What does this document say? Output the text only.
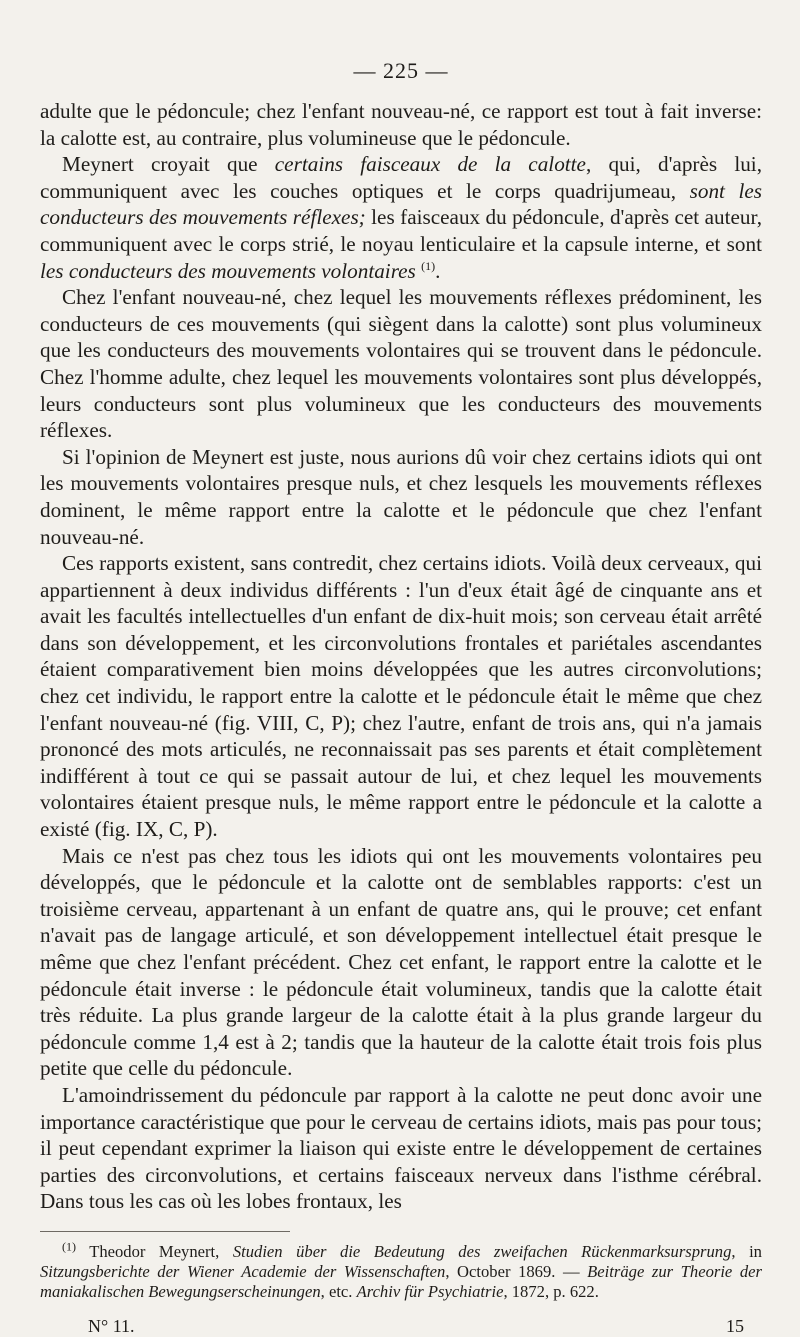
— 225 —

adulte que le pédoncule; chez l'enfant nouveau-né, ce rapport est tout à fait inverse: la calotte est, au contraire, plus volumineuse que le pédoncule.

Meynert croyait que certains faisceaux de la calotte, qui, d'après lui, communiquent avec les couches optiques et le corps quadrijumeau, sont les conducteurs des mouvements réflexes; les faisceaux du pédoncule, d'après cet auteur, communiquent avec le corps strié, le noyau lenticulaire et la capsule interne, et sont les conducteurs des mouvements volontaires $^{(1)}$.

Chez l'enfant nouveau-né, chez lequel les mouvements réflexes prédominent, les conducteurs de ces mouvements (qui siègent dans la calotte) sont plus volumineux que les conducteurs des mouvements volontaires qui se trouvent dans le pédoncule. Chez l'homme adulte, chez lequel les mouvements volontaires sont plus développés, leurs conducteurs sont plus volumineux que les conducteurs des mouvements réflexes.

Si l'opinion de Meynert est juste, nous aurions dû voir chez certains idiots qui ont les mouvements volontaires presque nuls, et chez lesquels les mouvements réflexes dominent, le même rapport entre la calotte et le pédoncule que chez l'enfant nouveau-né.

Ces rapports existent, sans contredit, chez certains idiots. Voilà deux cerveaux, qui appartiennent à deux individus différents : l'un d'eux était âgé de cinquante ans et avait les facultés intellectuelles d'un enfant de dix-huit mois; son cerveau était arrêté dans son développement, et les circonvolutions frontales et pariétales ascendantes étaient comparativement bien moins développées que les autres circonvolutions; chez cet individu, le rapport entre la calotte et le pédoncule était le même que chez l'enfant nouveau-né (fig. VIII, C, P); chez l'autre, enfant de trois ans, qui n'a jamais prononcé des mots articulés, ne reconnaissait pas ses parents et était complètement indifférent à tout ce qui se passait autour de lui, et chez lequel les mouvements volontaires étaient presque nuls, le même rapport entre le pédoncule et la calotte a existé (fig. IX, C, P).

Mais ce n'est pas chez tous les idiots qui ont les mouvements volontaires peu développés, que le pédoncule et la calotte ont de semblables rapports: c'est un troisième cerveau, appartenant à un enfant de quatre ans, qui le prouve; cet enfant n'avait pas de langage articulé, et son développement intellectuel était presque le même que chez l'enfant précédent. Chez cet enfant, le rapport entre la calotte et le pédoncule était inverse : le pédoncule était volumineux, tandis que la calotte était très réduite. La plus grande largeur de la calotte était à la plus grande largeur du pédoncule comme 1,4 est à 2; tandis que la hauteur de la calotte était trois fois plus petite que celle du pédoncule.

L'amoindrissement du pédoncule par rapport à la calotte ne peut donc avoir une importance caractéristique que pour le cerveau de certains idiots, mais pas pour tous; il peut cependant exprimer la liaison qui existe entre le développement de certaines parties des circonvolutions, et certains faisceaux nerveux dans l'isthme cérébral. Dans tous les cas où les lobes frontaux, les

$^{(1)}$ Theodor Meynert, Studien über die Bedeutung des zweifachen Rückenmarksursprung, in Sitzungsberichte der Wiener Academie der Wissenschaften, October 1869. — Beiträge zur Theorie der maniakalischen Bewegungserscheinungen, etc. Archiv für Psychiatrie, 1872, p. 622.

N° 11.	15
